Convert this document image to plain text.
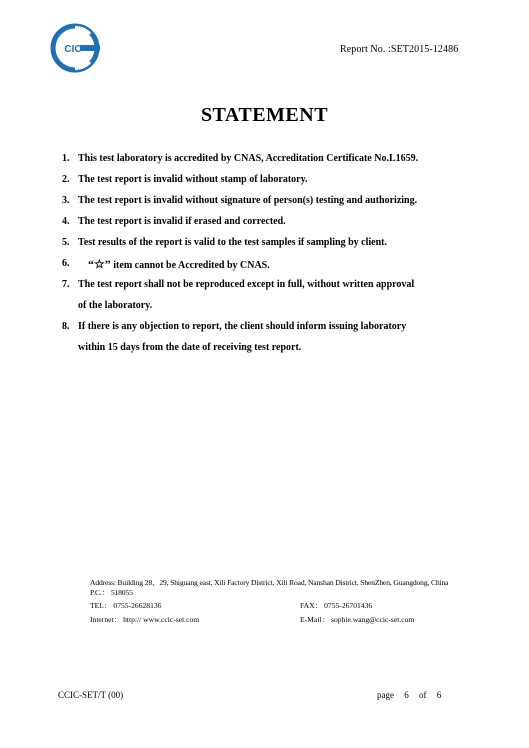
CIC	Report No. :SET2015-12486
STATEMENT
1. This test laboratory is accredited by CNAS, Accreditation Certificate No.L1659.
2. The test report is invalid without stamp of laboratory.
3. The test report is invalid without signature of person(s) testing and authorizing.
4. The test report is invalid if erased and corrected.
5. Test results of the report is valid to the test samples if sampling by client.
6. “☆” item cannot be Accredited by CNAS.
7. The test report shall not be reproduced except in full, without written approval
of the laboratory.
8. If there is any objection to report, the client should inform issuing laboratory
within 15 days from the date of receiving test report.
Address: Building 28、29, Shiguang east, Xili Factory District, Xili Road, Nanshan District, ShenZhen, Guangdong, China
P.C.： 518055
TEL： 0755-26628136	FAX： 0755-26701436
Internet： http:// www.ccic-set.com	E-Mail： sophie.wang@ccic-set.com
CCIC-SET/T (00)	page 6 of 6
